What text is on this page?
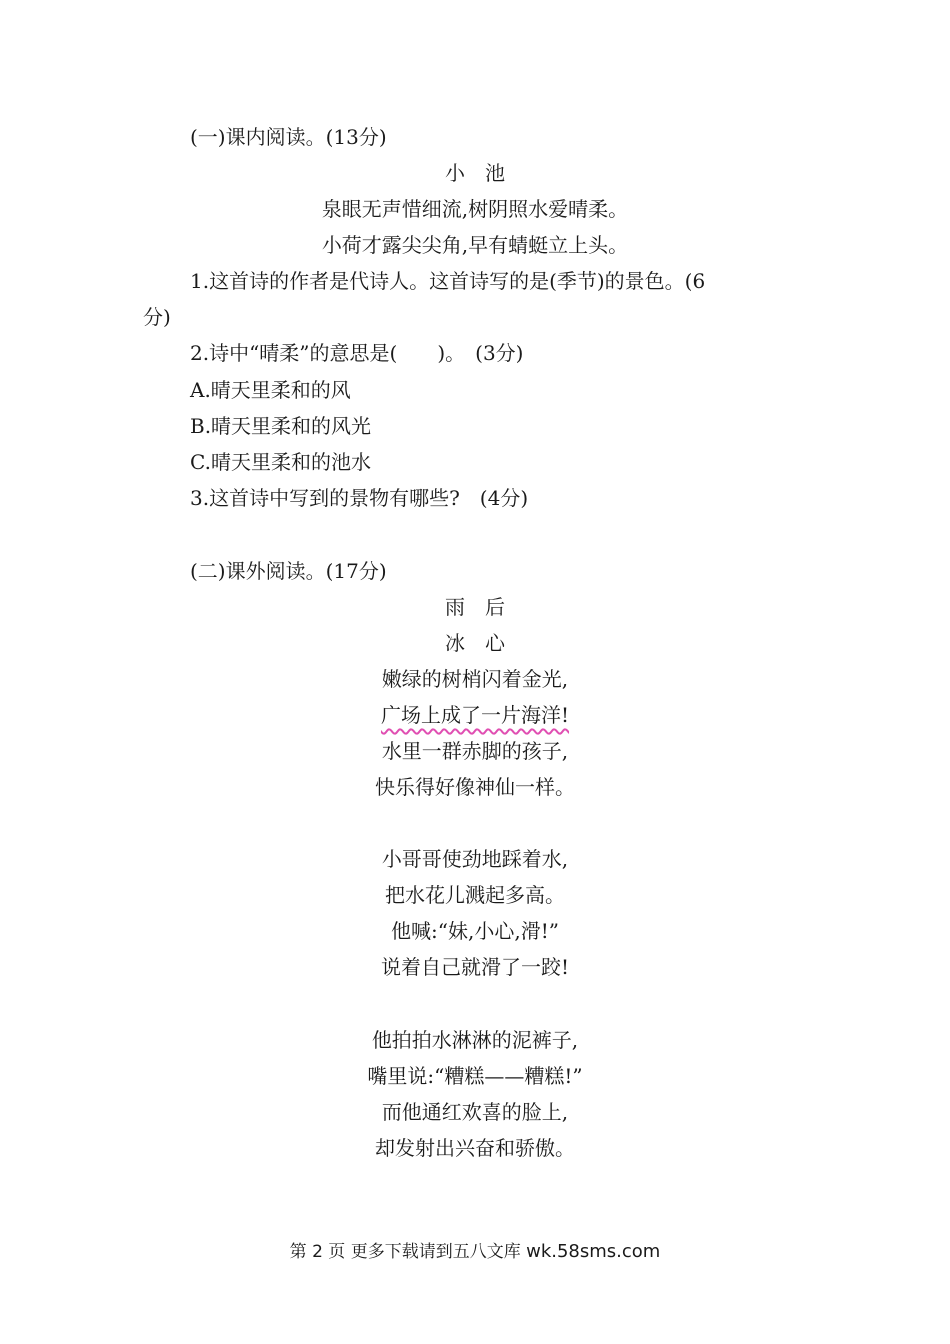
(一)课内阅读。(13分)
小　池
泉眼无声惜细流,树阴照水爱晴柔。
小荷才露尖尖角,早有蜻蜓立上头。
1.这首诗的作者是代诗人。这首诗写的是(季节)的景色。(6
分)
2.诗中“晴柔”的意思是(　　)。　(3分)
A.晴天里柔和的风
B.晴天里柔和的风光
C.晴天里柔和的池水
3.这首诗中写到的景物有哪些?　(4分)
(二)课外阅读。(17分)
雨　后
冰　心
嫩绿的树梢闪着金光,
广场上成了一片海洋!
水里一群赤脚的孩子,
快乐得好像神仙一样。
小哥哥使劲地踩着水,
把水花儿溅起多高。
他喊:“妹,小心,滑!”
说着自己就滑了一跤!
他拍拍水淋淋的泥裤子,
嘴里说:“糟糕——糟糕!”
而他通红欢喜的脸上,
却发射出兴奋和骄傲。
第 2 页 更多下载请到五八文库 wk.58sms.com
